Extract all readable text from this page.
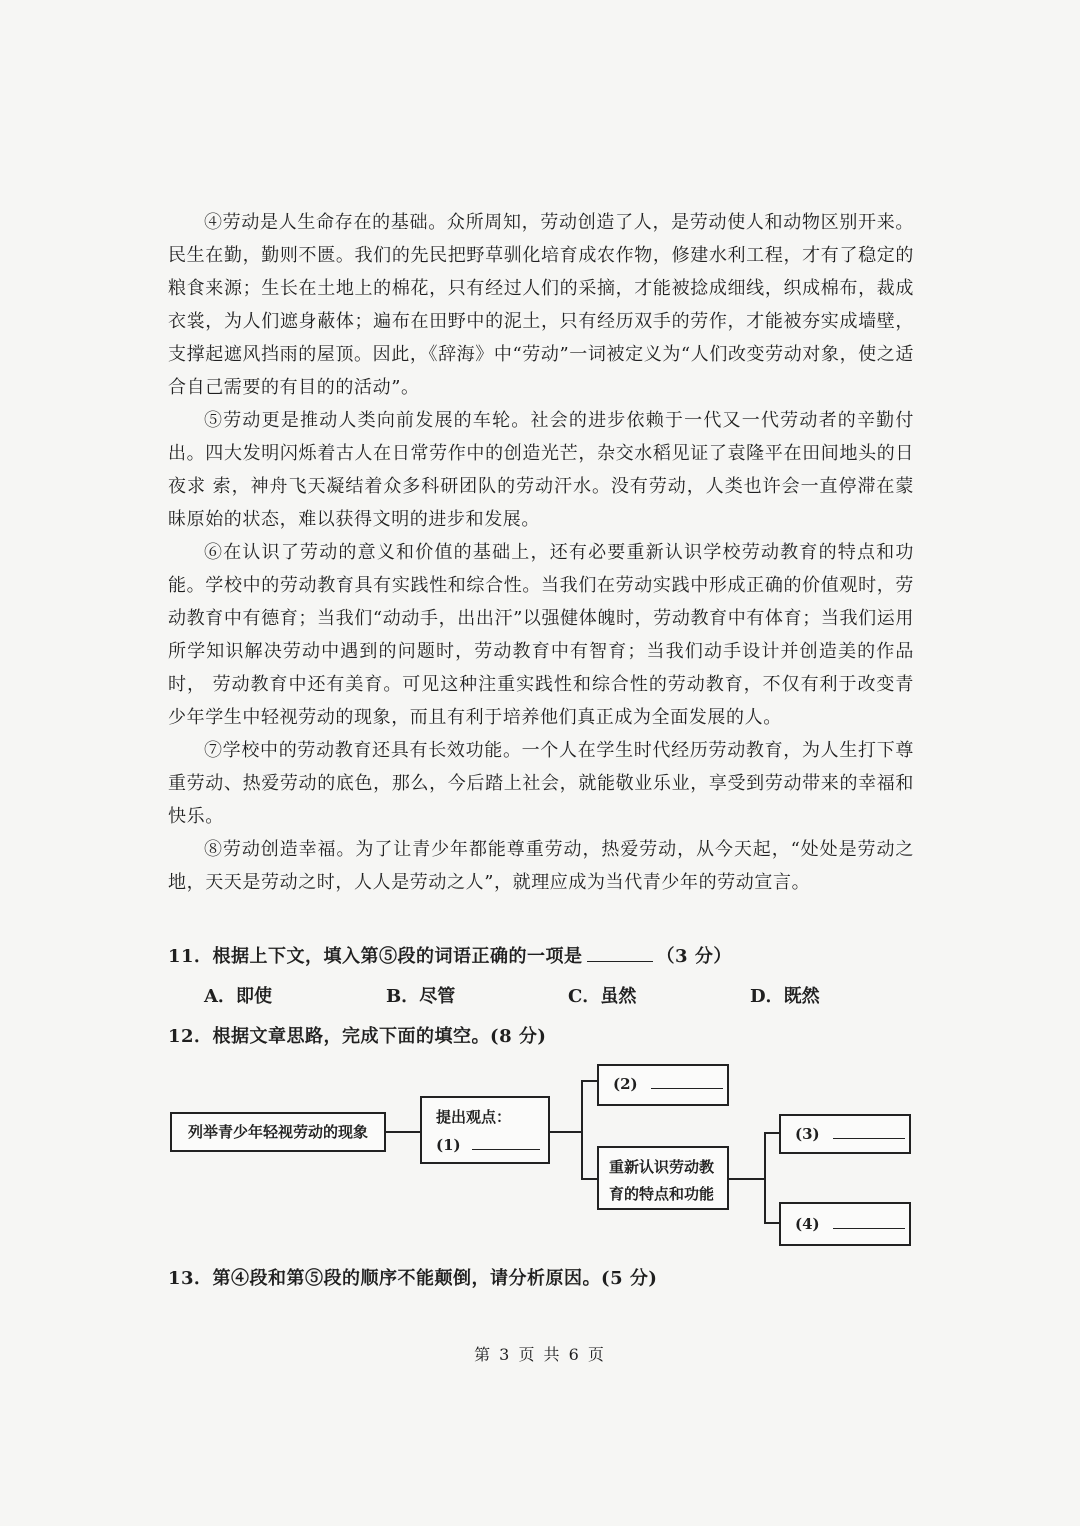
④劳动是人生命存在的基础。众所周知，劳动创造了人，是劳动使人和动物区别开来。民生在勤，勤则不匮。我们的先民把野草驯化培育成农作物，修建水利工程，才有了稳定的粮食来源；生长在土地上的棉花，只有经过人们的采摘，才能被捻成细线，织成棉布，裁成衣裳，为人们遮身蔽体；遍布在田野中的泥土，只有经历双手的劳作，才能被夯实成墙壁，支撑起遮风挡雨的屋顶。因此，《辞海》中“劳动”一词被定义为“人们改变劳动对象，使之适合自己需要的有目的的活动”。

⑤劳动更是推动人类向前发展的车轮。社会的进步依赖于一代又一代劳动者的辛勤付出。四大发明闪烁着古人在日常劳作中的创造光芒，杂交水稻见证了袁隆平在田间地头的日夜求 索，神舟飞天凝结着众多科研团队的劳动汗水。没有劳动，人类也许会一直停滞在蒙昧原始的状态，难以获得文明的进步和发展。

⑥在认识了劳动的意义和价值的基础上，还有必要重新认识学校劳动教育的特点和功能。学校中的劳动教育具有实践性和综合性。当我们在劳动实践中形成正确的价值观时，劳动教育中有德育；当我们“动动手，出出汗”以强健体魄时，劳动教育中有体育；当我们运用所学知识解决劳动中遇到的问题时，劳动教育中有智育；当我们动手设计并创造美的作品时， 劳动教育中还有美育。可见这种注重实践性和综合性的劳动教育，不仅有利于改变青少年学生中轻视劳动的现象，而且有利于培养他们真正成为全面发展的人。

⑦学校中的劳动教育还具有长效功能。一个人在学生时代经历劳动教育，为人生打下尊重劳动、热爱劳动的底色，那么，今后踏上社会，就能敬业乐业，享受到劳动带来的幸福和快乐。

⑧劳动创造幸福。为了让青少年都能尊重劳动，热爱劳动，从今天起，“处处是劳动之地，天天是劳动之时，人人是劳动之人”，就理应成为当代青少年的劳动宣言。

11．根据上下文，填入第⑤段的词语正确的一项是	（3 分）
A．即使	B．尽管	C．虽然	D．既然
12．根据文章思路，完成下面的填空。(8 分)
列举青少年轻视劳动的现象
提出观点：
(1)
(2)
重新认识劳动教育的特点和功能
(3)
(4)
13．第④段和第⑤段的顺序不能颠倒，请分析原因。(5 分)
第 3 页 共 6 页
